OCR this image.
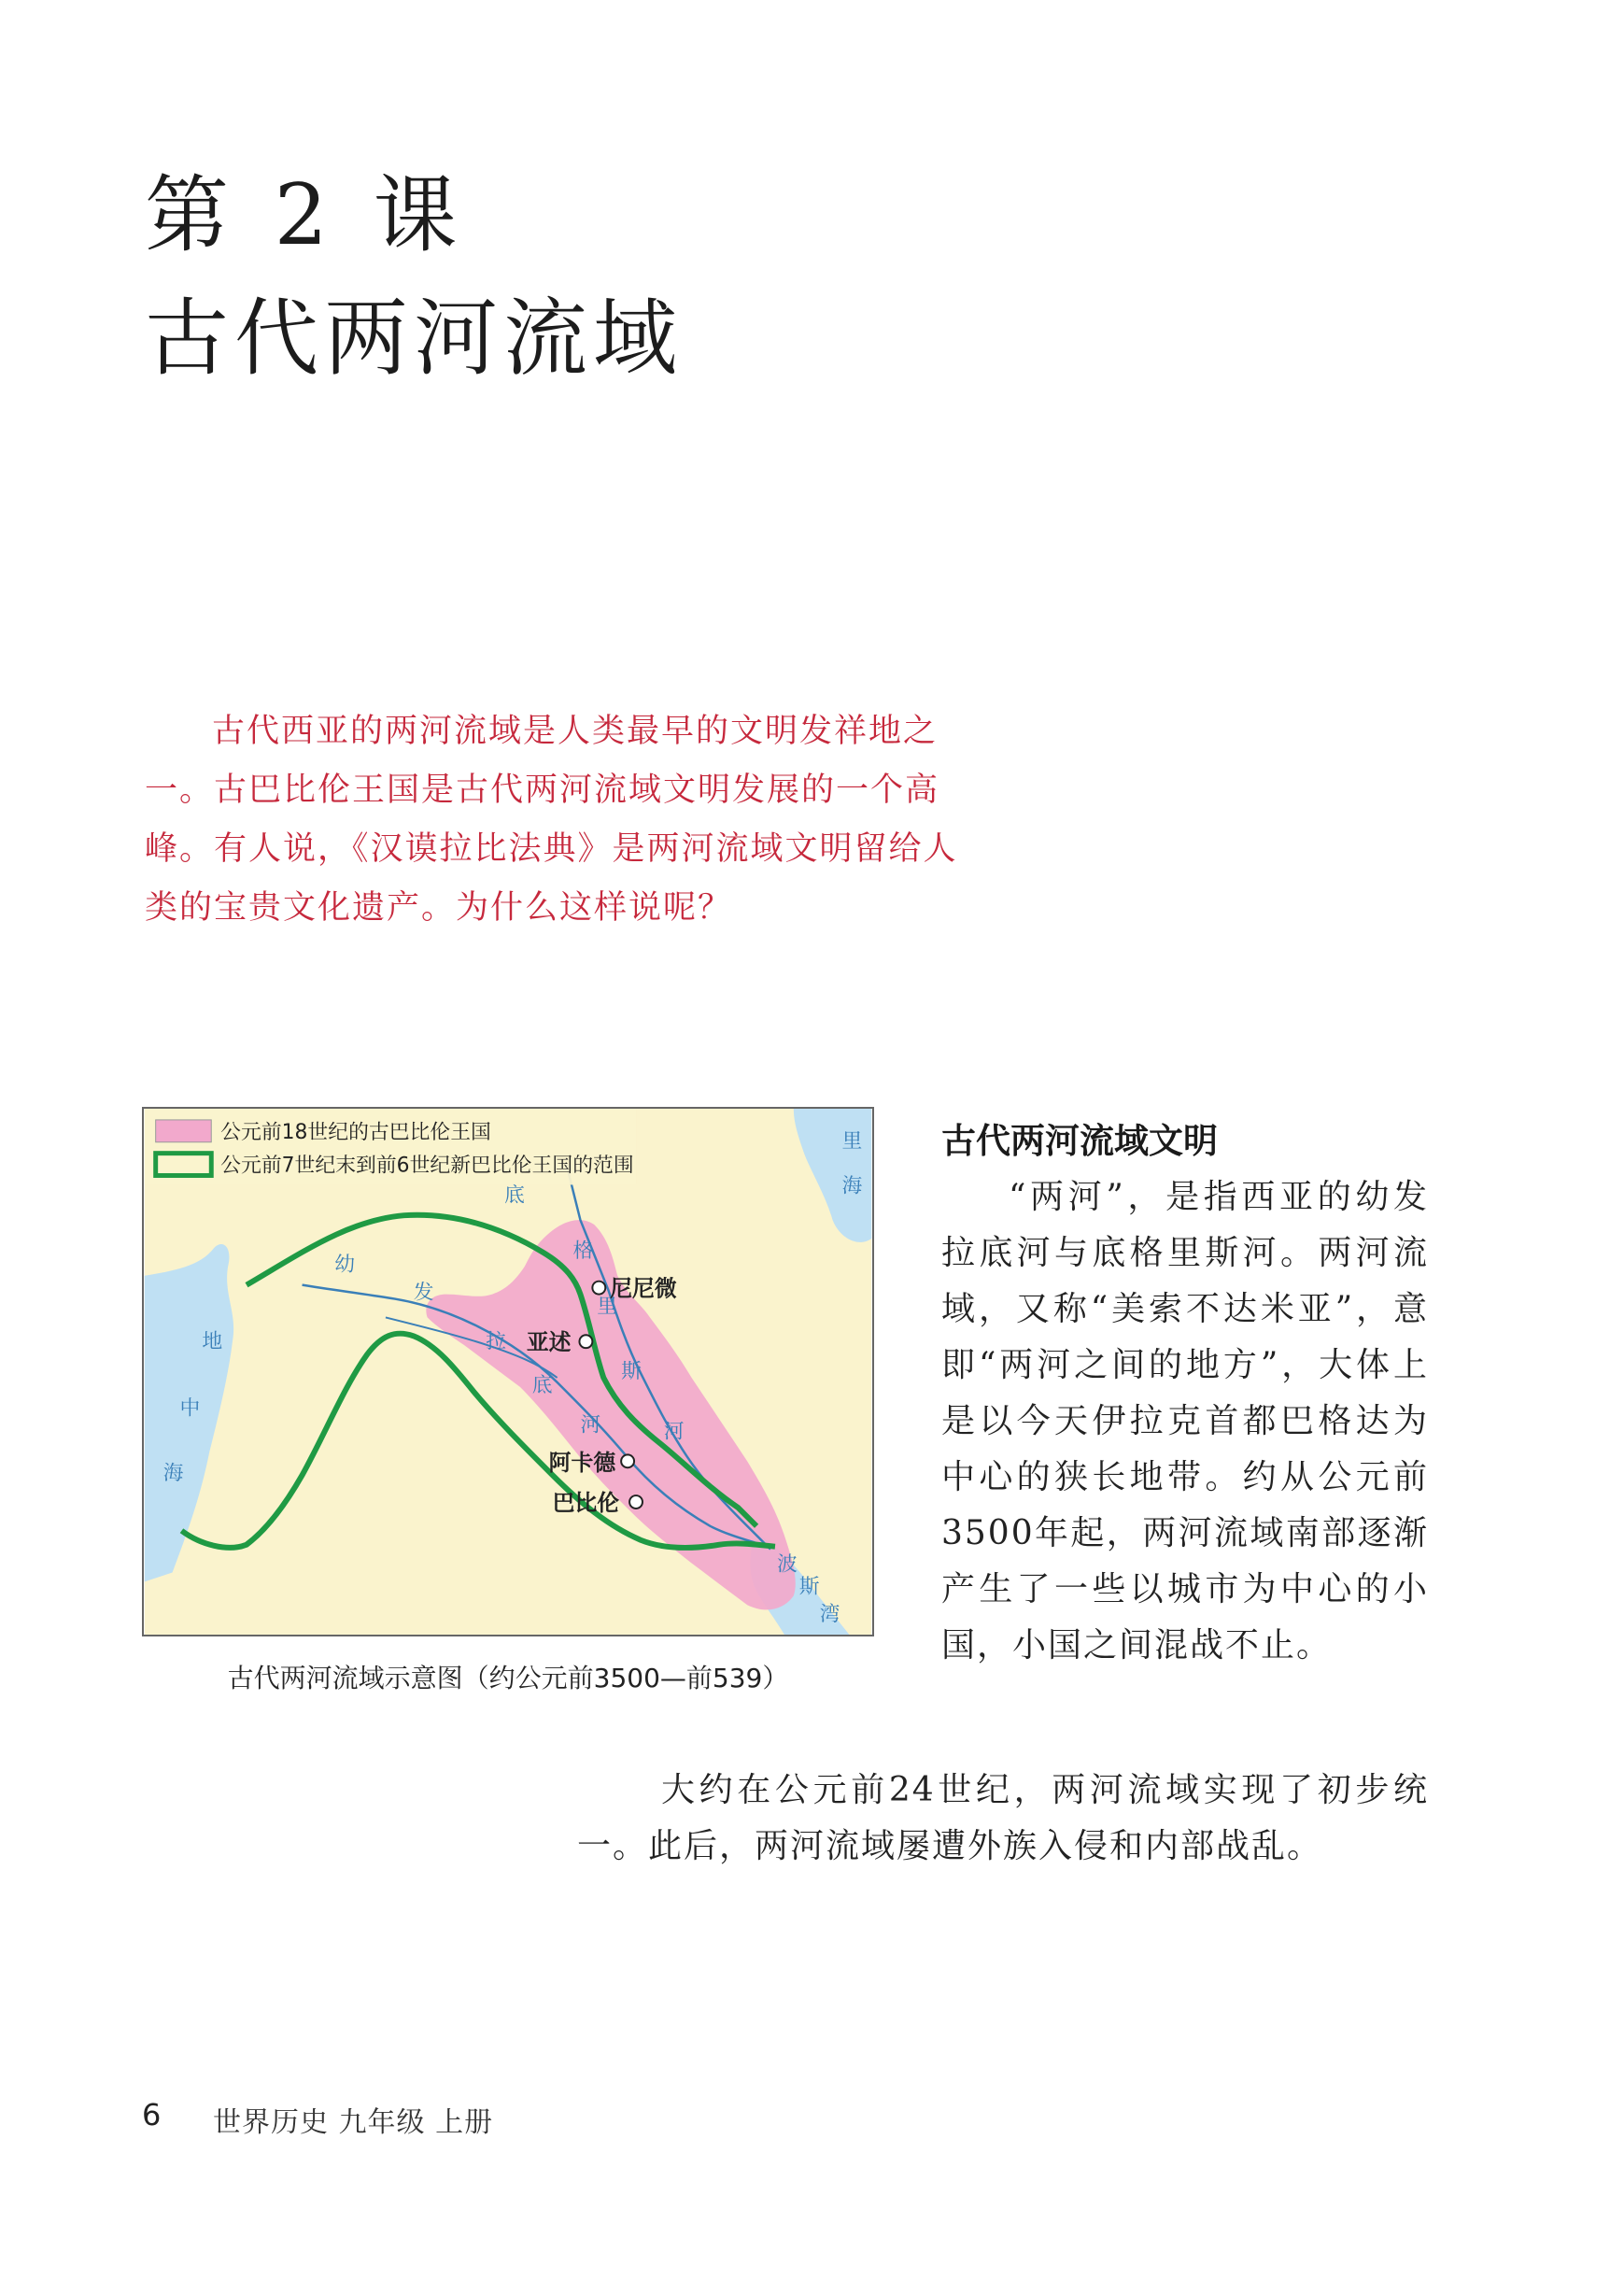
第 2 课
古代两河流域

古代西亚的两河流域是人类最早的文明发祥地之一。古巴比伦王国是古代两河流域文明发展的一个高峰。有人说，《汉谟拉比法典》是两河流域文明留给人类的宝贵文化遗产。为什么这样说呢？

公元前18世纪的古巴比伦王国
公元前7世纪末到前6世纪新巴比伦王国的范围
地
中
海
里
海
幼
发
拉
底
河
底
格
里
斯
河
波
斯
湾
尼尼微
亚述
阿卡德
巴比伦
古代两河流域示意图（约公元前3500—前539）
古代两河流域文明

“两河”，是指西亚的幼发拉底河与底格里斯河。两河流域，又称“美索不达米亚”，意即“两河之间的地方”，大体上是以今天伊拉克首都巴格达为中心的狭长地带。约从公元前3500年起，两河流域南部逐渐产生了一些以城市为中心的小国，小国之间混战不止。

大约在公元前24世纪，两河流域实现了初步统一。此后，两河流域屡遭外族入侵和内部战乱。

6 世界历史 九年级 上册
